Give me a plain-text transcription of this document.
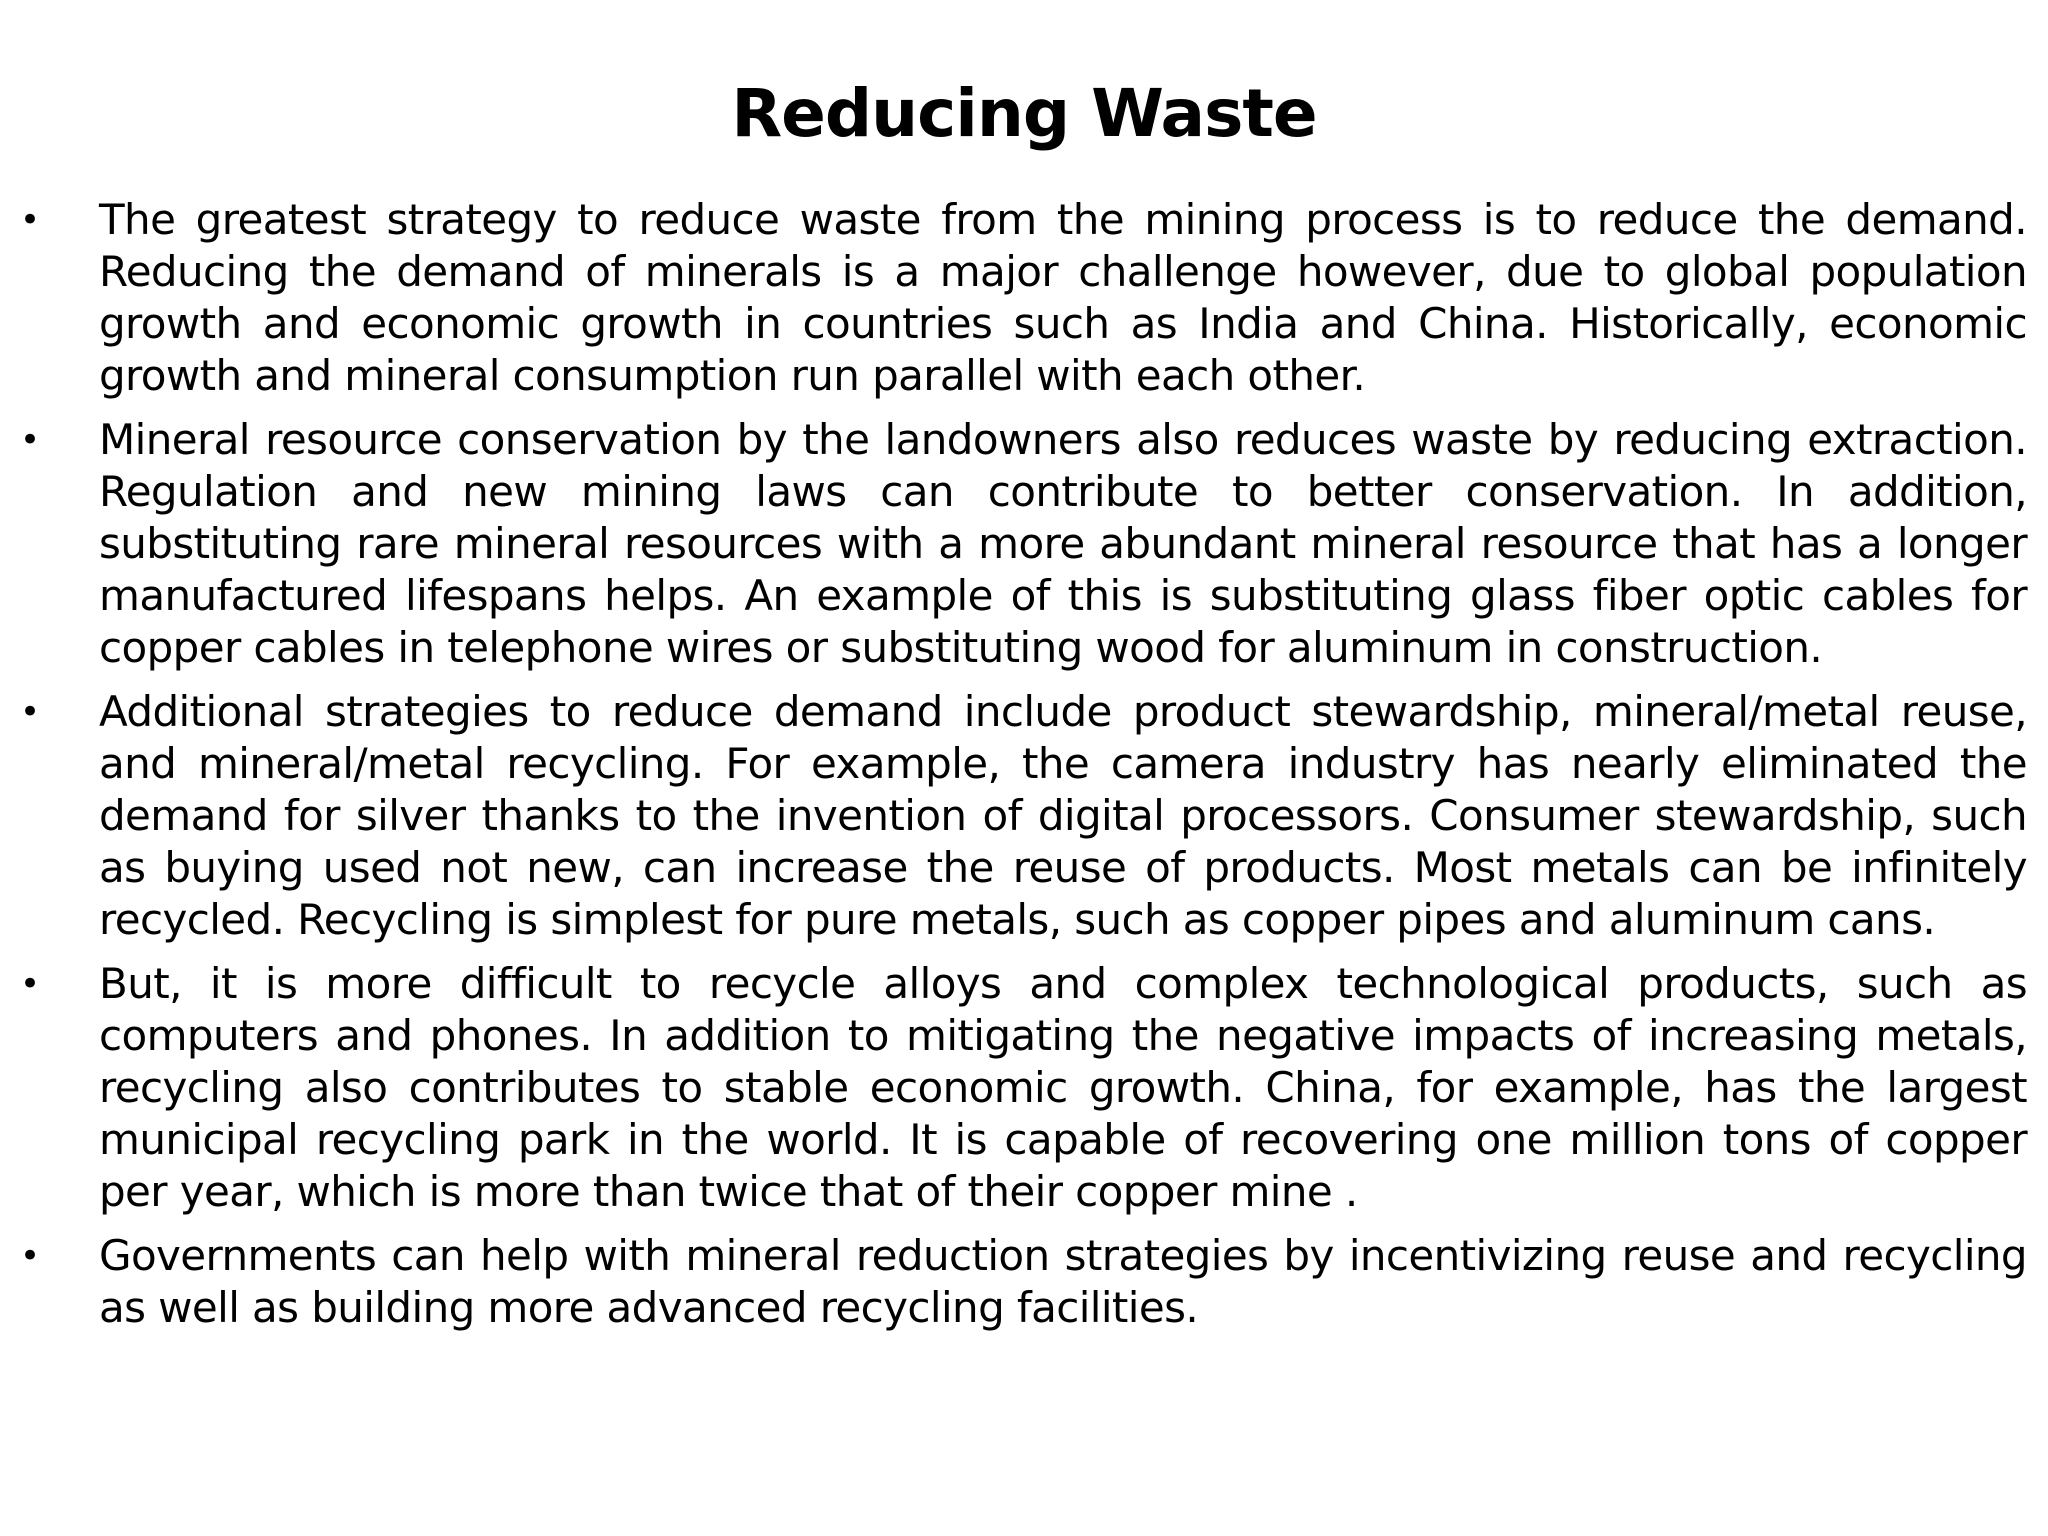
Reducing Waste
• The greatest strategy to reduce waste from the mining process is to reduce the demand. Reducing the demand of minerals is a major challenge however, due to global population growth and economic growth in countries such as India and China. Historically, economic growth and mineral consumption run parallel with each other.
• Mineral resource conservation by the landowners also reduces waste by reducing extraction. Regulation and new mining laws can contribute to better conservation. In addition, substituting rare mineral resources with a more abundant mineral resource that has a longer manufactured lifespans helps. An example of this is substituting glass fiber optic cables for copper cables in telephone wires or substituting wood for aluminum in construction.
• Additional strategies to reduce demand include product stewardship, mineral/metal reuse, and mineral/metal recycling. For example, the camera industry has nearly eliminated the demand for silver thanks to the invention of digital processors. Consumer stewardship, such as buying used not new, can increase the reuse of products. Most metals can be infinitely recycled. Recycling is simplest for pure metals, such as copper pipes and aluminum cans.
• But, it is more difficult to recycle alloys and complex technological products, such as computers and phones. In addition to mitigating the negative impacts of increasing metals, recycling also contributes to stable economic growth. China, for example, has the largest municipal recycling park in the world. It is capable of recovering one million tons of copper per year, which is more than twice that of their copper mine .
• Governments can help with mineral reduction strategies by incentivizing reuse and recycling as well as building more advanced recycling facilities.
